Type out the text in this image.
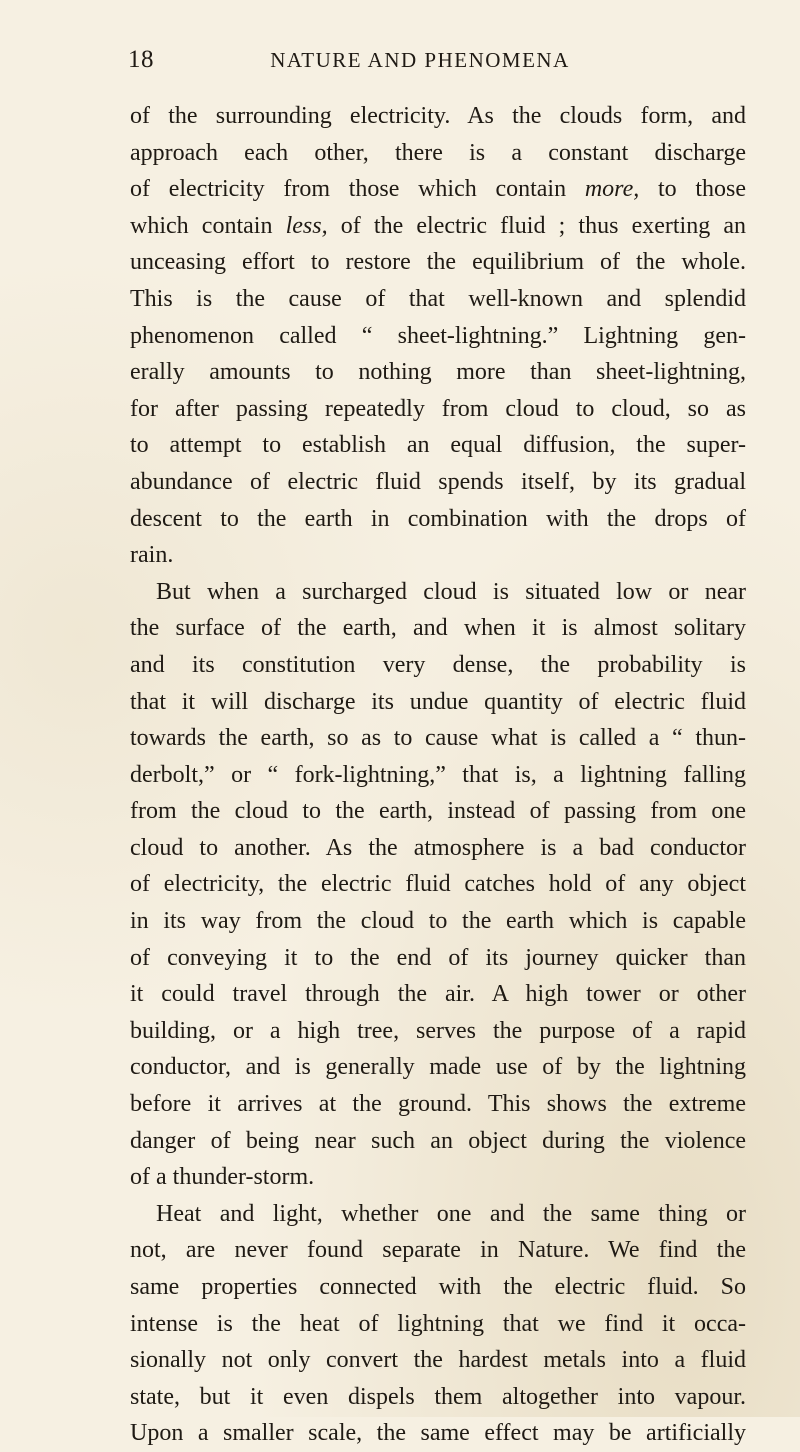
18	NATURE AND PHENOMENA
of the surrounding electricity. As the clouds form, and
approach each other, there is a constant discharge
of electricity from those which contain more, to those
which contain less, of the electric fluid ; thus exerting an
unceasing effort to restore the equilibrium of the whole.
This is the cause of that well-known and splendid
phenomenon called “ sheet-lightning.” Lightning gen-
erally amounts to nothing more than sheet-lightning,
for after passing repeatedly from cloud to cloud, so as
to attempt to establish an equal diffusion, the super-
abundance of electric fluid spends itself, by its gradual
descent to the earth in combination with the drops of
rain.
But when a surcharged cloud is situated low or near
the surface of the earth, and when it is almost solitary
and its constitution very dense, the probability is
that it will discharge its undue quantity of electric fluid
towards the earth, so as to cause what is called a “ thun-
derbolt,” or “ fork-lightning,” that is, a lightning falling
from the cloud to the earth, instead of passing from one
cloud to another. As the atmosphere is a bad conductor
of electricity, the electric fluid catches hold of any object
in its way from the cloud to the earth which is capable
of conveying it to the end of its journey quicker than
it could travel through the air. A high tower or other
building, or a high tree, serves the purpose of a rapid
conductor, and is generally made use of by the lightning
before it arrives at the ground. This shows the extreme
danger of being near such an object during the violence
of a thunder-storm.
Heat and light, whether one and the same thing or
not, are never found separate in Nature. We find the
same properties connected with the electric fluid. So
intense is the heat of lightning that we find it occa-
sionally not only convert the hardest metals into a fluid
state, but it even dispels them altogether into vapour.
Upon a smaller scale, the same effect may be artificially
